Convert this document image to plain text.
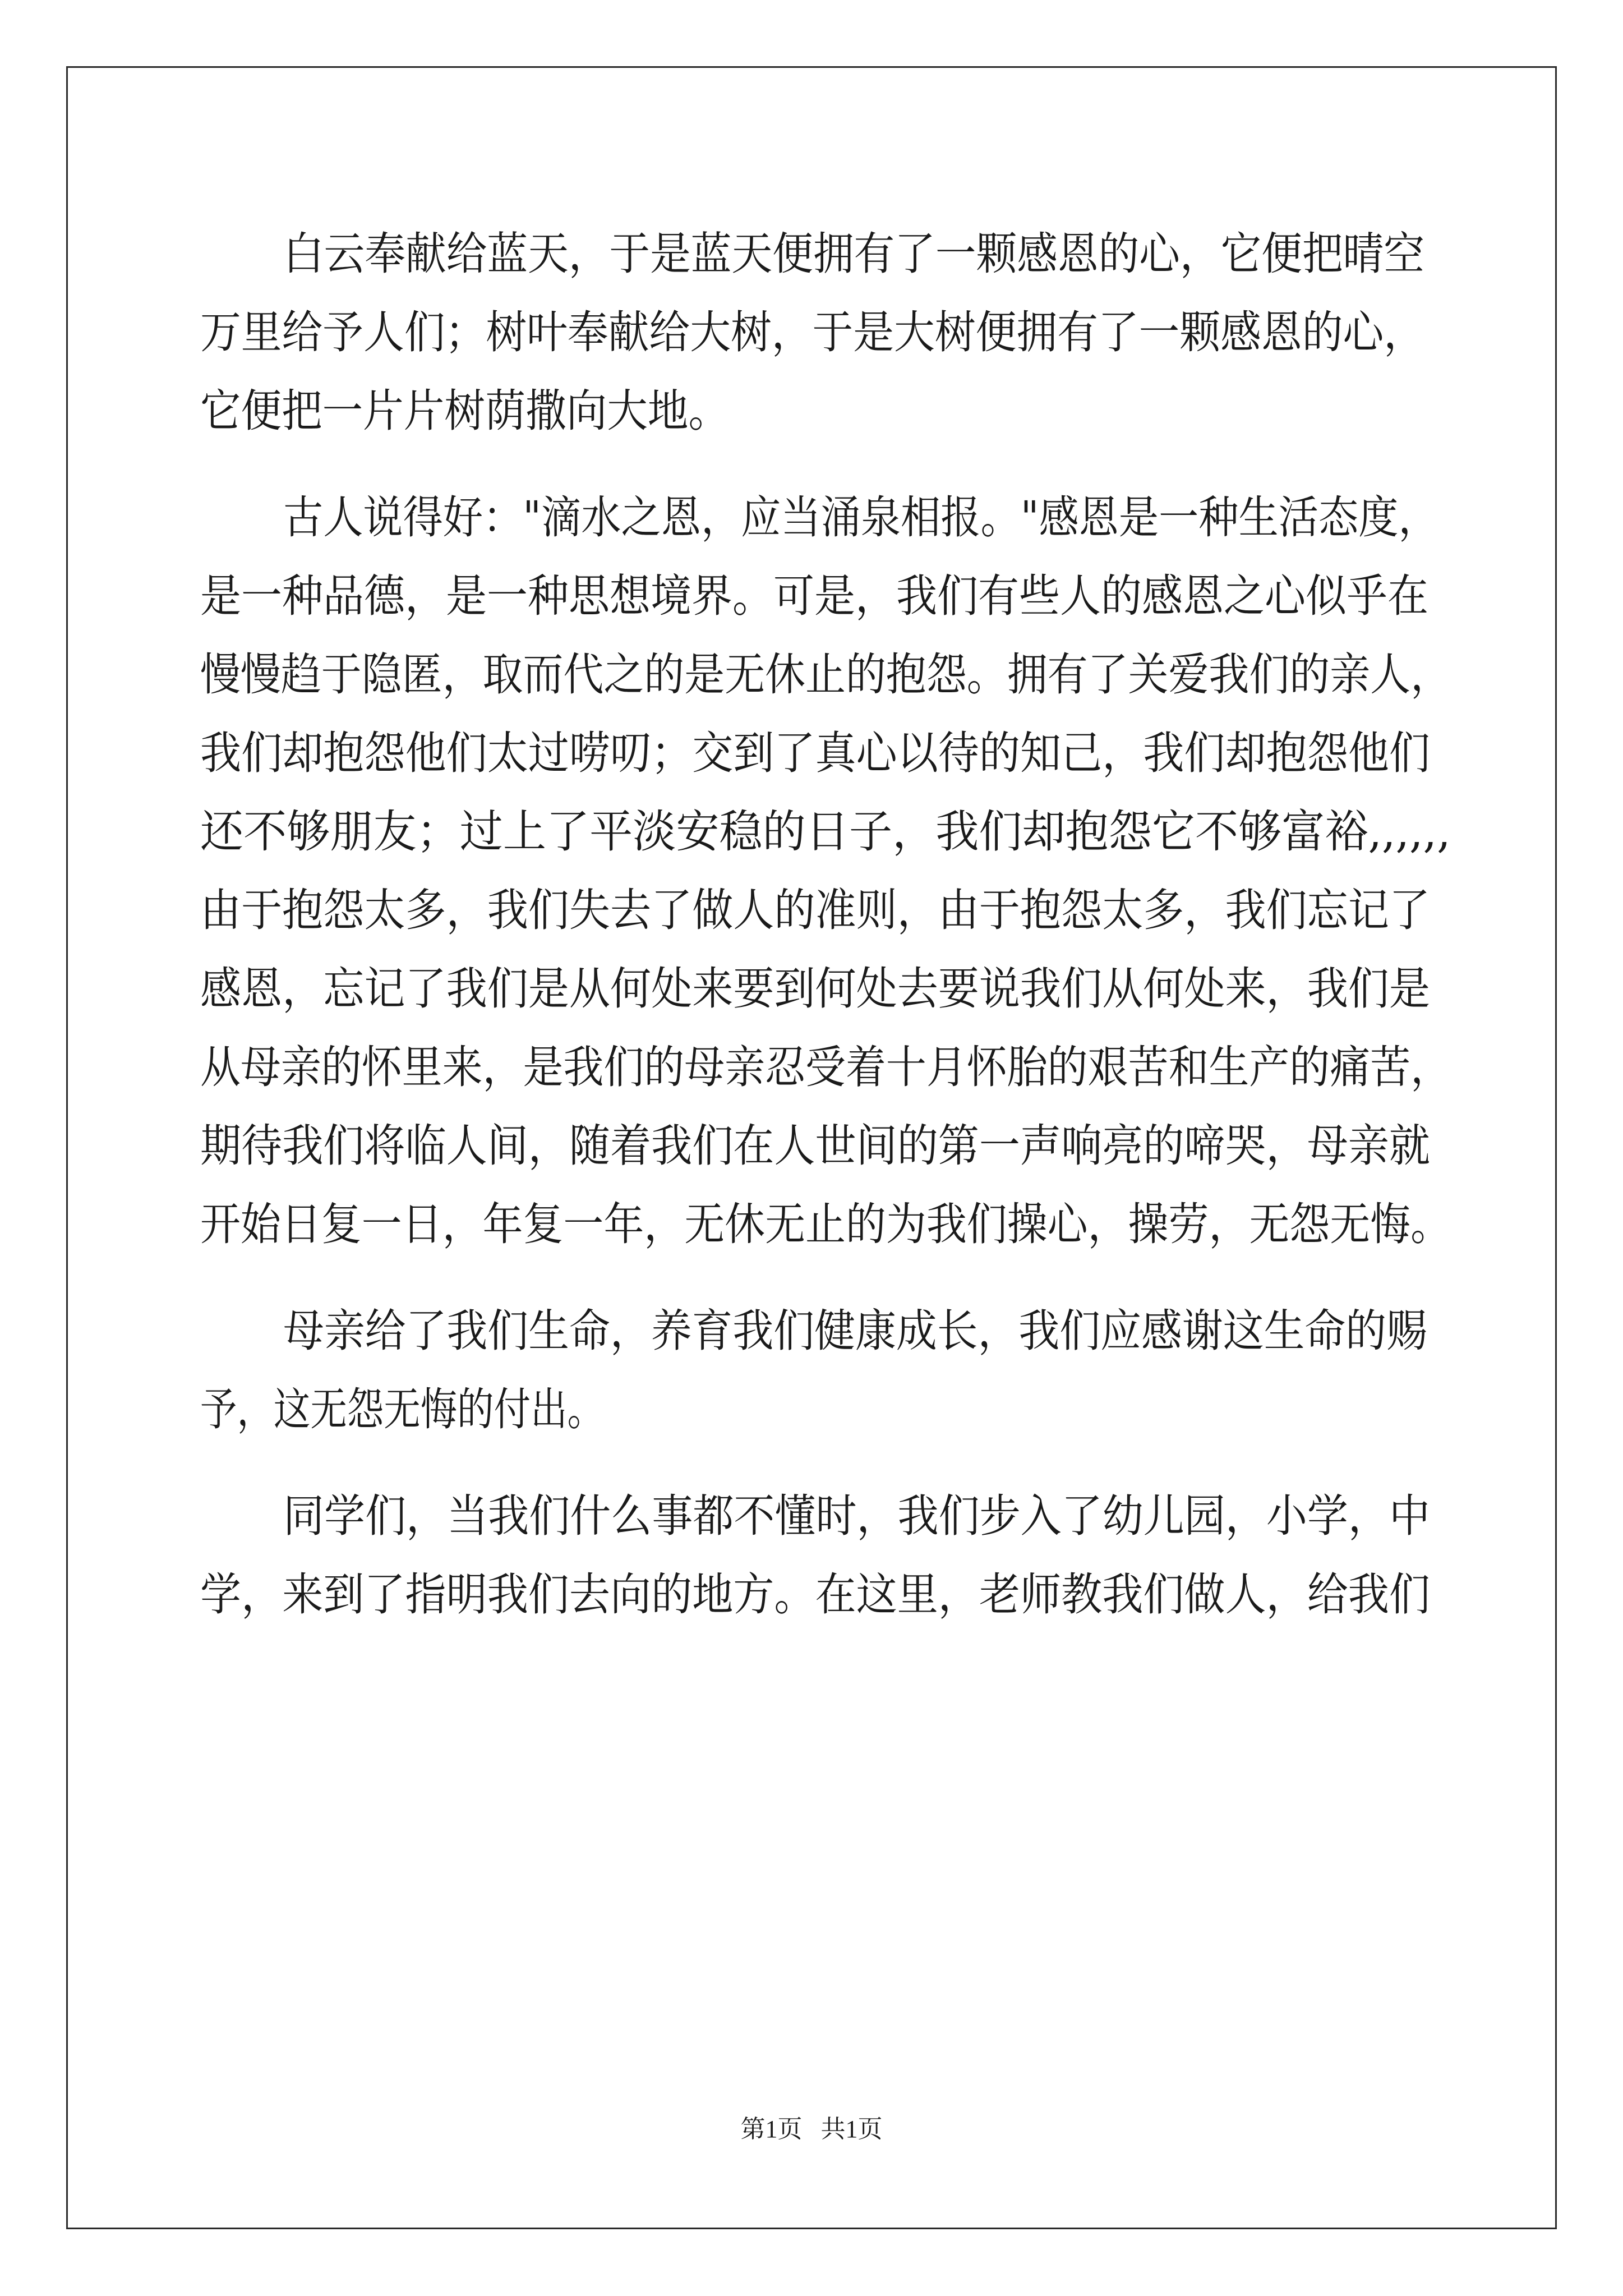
白云奉献给蓝天，于是蓝天便拥有了一颗感恩的心，它便把晴空
万里给予人们；树叶奉献给大树，于是大树便拥有了一颗感恩的心，
它便把一片片树荫撒向大地。
古人说得好："滴水之恩，应当涌泉相报。"感恩是一种生活态度，
是一种品德，是一种思想境界。可是，我们有些人的感恩之心似乎在
慢慢趋于隐匿，取而代之的是无休止的抱怨。拥有了关爱我们的亲人，
我们却抱怨他们太过唠叨；交到了真心以待的知己，我们却抱怨他们
还不够朋友；过上了平淡安稳的日子，我们却抱怨它不够富裕,,,,,,
由于抱怨太多，我们失去了做人的准则，由于抱怨太多，我们忘记了
感恩，忘记了我们是从何处来要到何处去要说我们从何处来，我们是
从母亲的怀里来，是我们的母亲忍受着十月怀胎的艰苦和生产的痛苦，
期待我们将临人间，随着我们在人世间的第一声响亮的啼哭，母亲就
开始日复一日，年复一年，无休无止的为我们操心，操劳，无怨无悔。
母亲给了我们生命，养育我们健康成长，我们应感谢这生命的赐
予，这无怨无悔的付出。
同学们，当我们什么事都不懂时，我们步入了幼儿园，小学，中
学，来到了指明我们去向的地方。在这里，老师教我们做人，给我们
第1页   共1页
